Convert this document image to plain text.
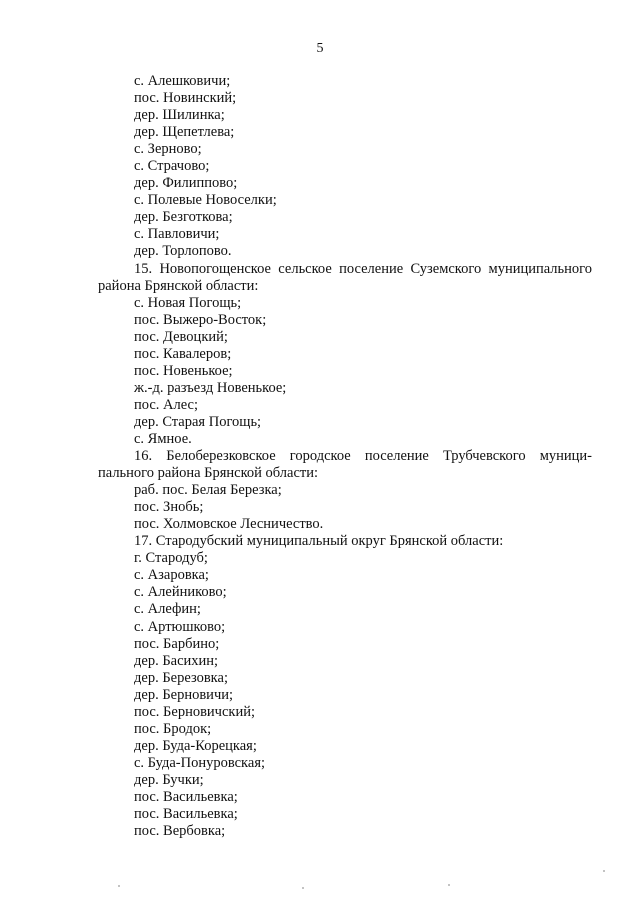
5
с. Алешковичи;
пос. Новинский;
дер. Шилинка;
дер. Щепетлева;
с. Зерново;
с. Страчово;
дер. Филиппово;
с. Полевые Новоселки;
дер. Безготкова;
с. Павловичи;
дер. Торлопово.
15. Новопогощенское сельское поселение Суземского муниципального
района Брянской области:
с. Новая Погощь;
пос. Выжеро-Восток;
пос. Девоцкий;
пос. Кавалеров;
пос. Новенькое;
ж.-д. разъезд Новенькое;
пос. Алес;
дер. Старая Погощь;
с. Ямное.
16. Белоберезковское городское поселение Трубчевского муници-
пального района Брянской области:
раб. пос. Белая Березка;
пос. Знобь;
пос. Холмовское Лесничество.
17. Стародубский муниципальный округ Брянской области:
г. Стародуб;
с. Азаровка;
с. Алейниково;
с. Алефин;
с. Артюшково;
пос. Барбино;
дер. Басихин;
дер. Березовка;
дер. Берновичи;
пос. Берновичский;
пос. Бродок;
дер. Буда-Корецкая;
с. Буда-Понуровская;
дер. Бучки;
пос. Васильевка;
пос. Васильевка;
пос. Вербовка;
